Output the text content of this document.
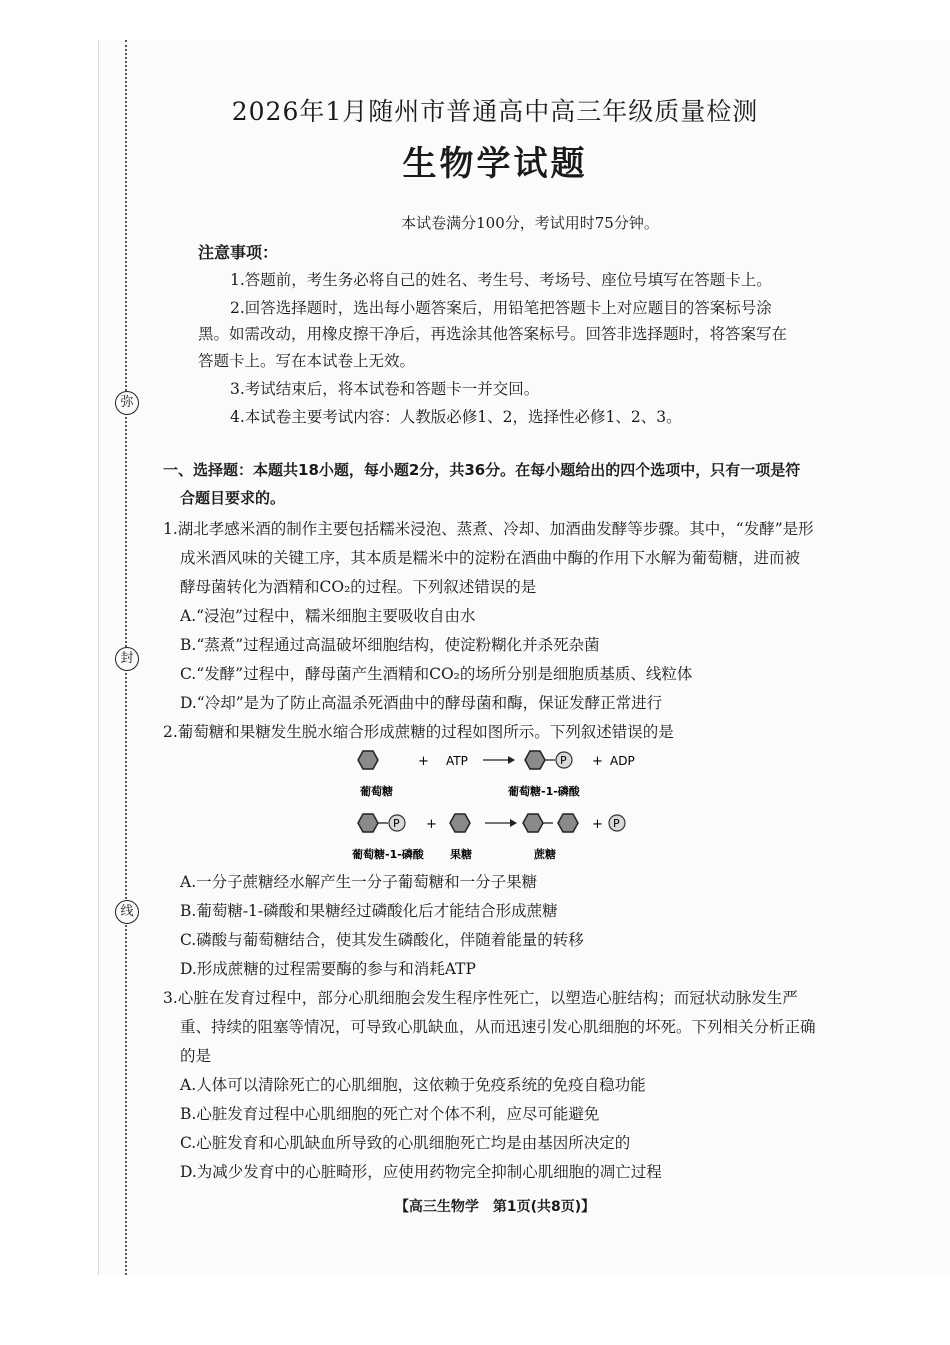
弥
封
线
2026年1月随州市普通高中高三年级质量检测
生物学试题
本试卷满分100分，考试用时75分钟。
注意事项：
1.答题前，考生务必将自己的姓名、考生号、考场号、座位号填写在答题卡上。
2.回答选择题时，选出每小题答案后，用铅笔把答题卡上对应题目的答案标号涂
黑。如需改动，用橡皮擦干净后，再选涂其他答案标号。回答非选择题时，将答案写在
答题卡上。写在本试卷上无效。
3.考试结束后，将本试卷和答题卡一并交回。
4.本试卷主要考试内容：人教版必修1、2，选择性必修1、2、3。
一、选择题：本题共18小题，每小题2分，共36分。在每小题给出的四个选项中，只有一项是符
合题目要求的。
1.湖北孝感米酒的制作主要包括糯米浸泡、蒸煮、冷却、加酒曲发酵等步骤。其中，“发酵”是形
成米酒风味的关键工序，其本质是糯米中的淀粉在酒曲中酶的作用下水解为葡萄糖，进而被
酵母菌转化为酒精和CO₂的过程。下列叙述错误的是
A.“浸泡”过程中，糯米细胞主要吸收自由水
B.“蒸煮”过程通过高温破坏细胞结构，使淀粉糊化并杀死杂菌
C.“发酵”过程中，酵母菌产生酒精和CO₂的场所分别是细胞质基质、线粒体
D.“冷却”是为了防止高温杀死酒曲中的酵母菌和酶，保证发酵正常进行
2.葡萄糖和果糖发生脱水缩合形成蔗糖的过程如图所示。下列叙述错误的是
+ ATP	P + ADP
葡萄糖	葡萄糖-1-磷酸
P +	+ P
葡萄糖-1-磷酸 果糖	蔗糖
A.一分子蔗糖经水解产生一分子葡萄糖和一分子果糖
B.葡萄糖-1-磷酸和果糖经过磷酸化后才能结合形成蔗糖
C.磷酸与葡萄糖结合，使其发生磷酸化，伴随着能量的转移
D.形成蔗糖的过程需要酶的参与和消耗ATP
3.心脏在发育过程中，部分心肌细胞会发生程序性死亡，以塑造心脏结构；而冠状动脉发生严
重、持续的阻塞等情况，可导致心肌缺血，从而迅速引发心肌细胞的坏死。下列相关分析正确
的是
A.人体可以清除死亡的心肌细胞，这依赖于免疫系统的免疫自稳功能
B.心脏发育过程中心肌细胞的死亡对个体不利，应尽可能避免
C.心脏发育和心肌缺血所导致的心肌细胞死亡均是由基因所决定的
D.为减少发育中的心脏畸形，应使用药物完全抑制心肌细胞的凋亡过程
【高三生物学　第1页(共8页)】
